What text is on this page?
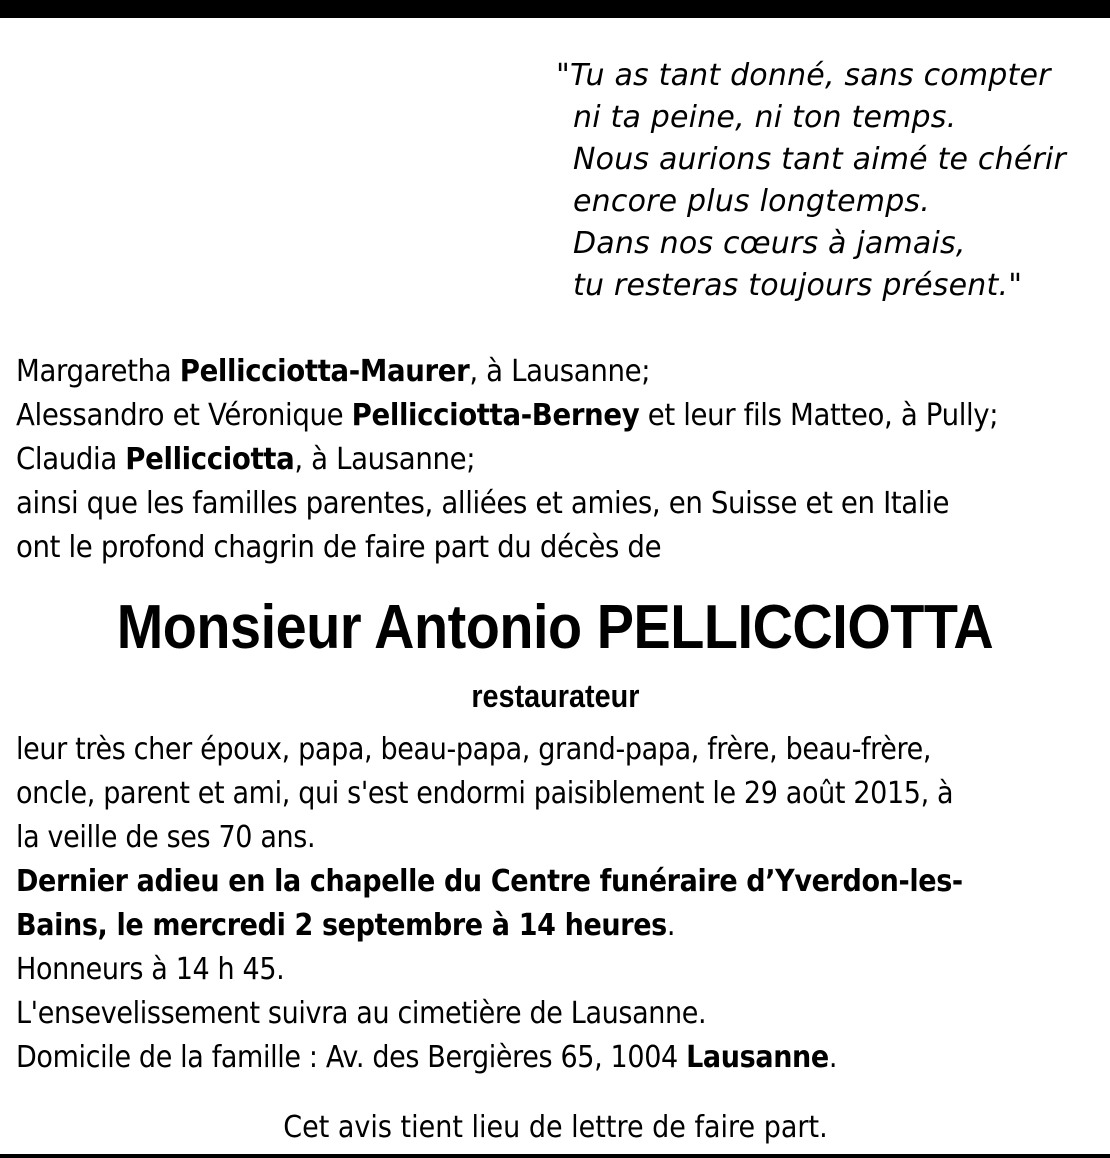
"Tu as tant donné, sans compter
ni ta peine, ni ton temps.
Nous aurions tant aimé te chérir
encore plus longtemps.
Dans nos cœurs à jamais,
tu resteras toujours présent."
Margaretha Pellicciotta-Maurer, à Lausanne;
Alessandro et Véronique Pellicciotta-Berney et leur fils Matteo, à Pully;
Claudia Pellicciotta, à Lausanne;
ainsi que les familles parentes, alliées et amies, en Suisse et en Italie
ont le profond chagrin de faire part du décès de
Monsieur Antonio PELLICCIOTTA
restaurateur
leur très cher époux, papa, beau-papa, grand-papa, frère, beau-frère,
oncle, parent et ami, qui s'est endormi paisiblement le 29 août 2015, à
la veille de ses 70 ans.
Dernier adieu en la chapelle du Centre funéraire d’Yverdon-les-
Bains, le mercredi 2 septembre à 14 heures.
Honneurs à 14 h 45.
L'ensevelissement suivra au cimetière de Lausanne.
Domicile de la famille : Av. des Bergières 65, 1004 Lausanne.
Cet avis tient lieu de lettre de faire part.
